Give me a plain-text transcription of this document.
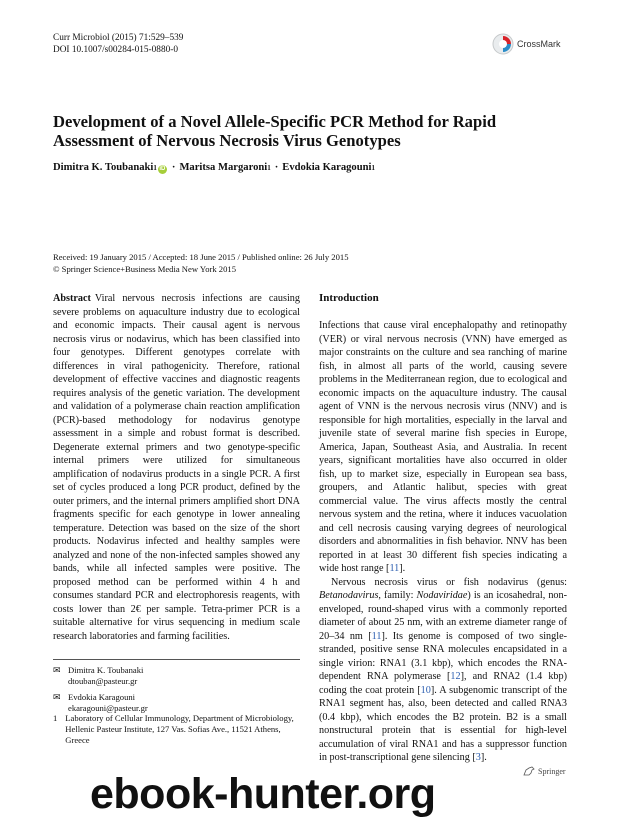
Curr Microbiol (2015) 71:529–539
DOI 10.1007/s00284-015-0880-0
CrossMark
Development of a Novel Allele-Specific PCR Method for Rapid Assessment of Nervous Necrosis Virus Genotypes
Dimitra K. Toubanaki 1 iD · Maritsa Margaroni 1 · Evdokia Karagouni 1
Received: 19 January 2015 / Accepted: 18 June 2015 / Published online: 26 July 2015
© Springer Science+Business Media New York 2015
Abstract Viral nervous necrosis infections are causing severe problems on aquaculture industry due to ecological and economic impacts. Their causal agent is nervous necrosis virus or nodavirus, which has been classified into four genotypes. Different genotypes correlate with differences in viral pathogenicity. Therefore, rational development of effective vaccines and diagnostic reagents requires analysis of the genetic variation. The development and validation of a polymerase chain reaction amplification (PCR)-based methodology for nodavirus genotype assessment in a simple and robust format is described. Degenerate external primers and two genotype-specific internal primers were utilized for simultaneous amplification of nodavirus products in a single PCR. A first set of cycles produced a long PCR product, defined by the outer primers, and the internal primers amplified short DNA fragments specific for each genotype in lower annealing temperature. Detection was based on the size of the short products. Nodavirus infected and healthy samples were analyzed and none of the non-infected samples showed any bands, while all infected samples were positive. The proposed method can be performed within 4 h and consumes standard PCR and electrophoresis reagents, with costs lower than 2€ per sample. Tetra-primer PCR is a suitable alternative for virus sequencing in medium scale research laboratories and farming facilities.
Introduction

Infections that cause viral encephalopathy and retinopathy (VER) or viral nervous necrosis (VNN) have emerged as major constraints on the culture and sea ranching of marine fish, in almost all parts of the world, causing severe problems in the Mediterranean region, due to ecological and economic impacts on the aquaculture industry. The causal agent of VNN is the nervous necrosis virus (NNV) and is responsible for high mortalities, especially in the larval and juvenile state of several marine fish species in Europe, America, Japan, Southeast Asia, and Australia. In recent years, significant mortalities have also occurred in older fish, up to market size, especially in European sea bass, groupers, and Atlantic halibut, species with great commercial value. The virus affects mostly the central nervous system and the retina, where it induces vacuolation and cell necrosis causing varying degrees of neurological disorders and abnormalities in fish behavior. NNV has been reported in at least 30 different fish species indicating a wide host range [11].

Nervous necrosis virus or fish nodavirus (genus: Betanodavirus, family: Nodaviridae) is an icosahedral, non-enveloped, round-shaped virus with a commonly reported diameter of about 25 nm, with an extreme diameter range of 20–34 nm [11]. Its genome is composed of two single-stranded, positive sense RNA molecules encapsidated in a single virion: RNA1 (3.1 kbp), which encodes the RNA-dependent RNA polymerase [12], and RNA2 (1.4 kbp) coding the coat protein [10]. A subgenomic transcript of the RNA1 segment has, also, been detected and called RNA3 (0.4 kbp), which encodes the B2 protein. B2 is a small nonstructural protein that is essential for high-level accumulation of viral RNA1 and has a suppressor function in post-transcriptional gene silencing [3].

✉ Dimitra K. Toubanaki
dtouban@pasteur.gr
✉ Evdokia Karagouni
ekaragouni@pasteur.gr
1 Laboratory of Cellular Immunology, Department of Microbiology, Hellenic Pasteur Institute, 127 Vas. Sofias Ave., 11521 Athens, Greece
Springer
ebook-hunter.org
